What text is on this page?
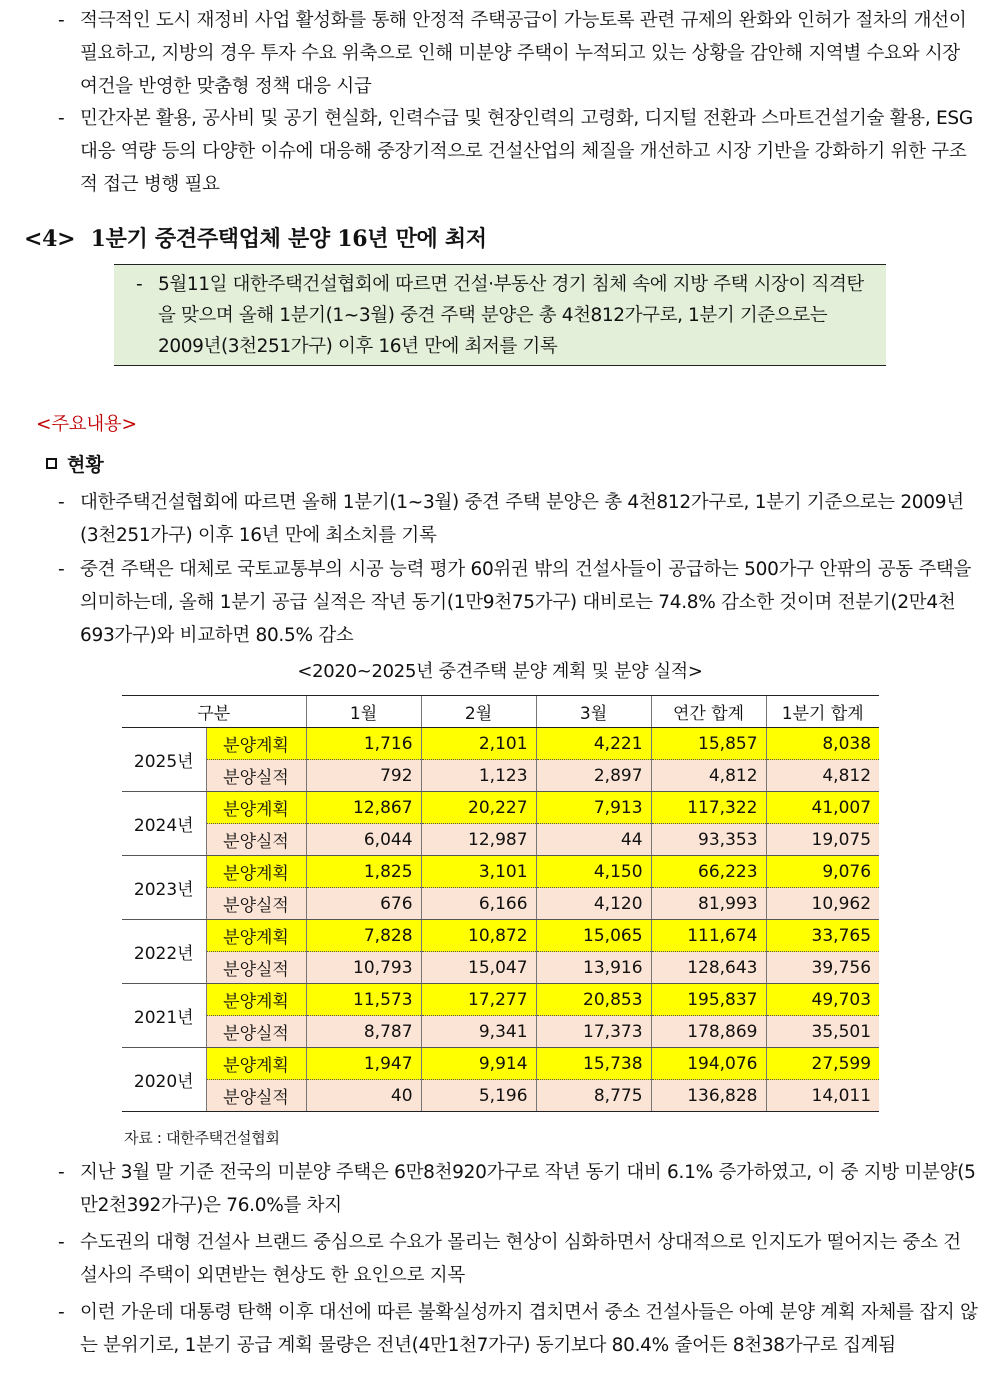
- 적극적인 도시 재정비 사업 활성화를 통해 안정적 주택공급이 가능토록 관련 규제의 완화와 인허가 절차의 개선이 필요하고, 지방의 경우 투자 수요 위축으로 인해 미분양 주택이 누적되고 있는 상황을 감안해 지역별 수요와 시장 여건을 반영한 맞춤형 정책 대응 시급
- 민간자본 활용, 공사비 및 공기 현실화, 인력수급 및 현장인력의 고령화, 디지털 전환과 스마트건설기술 활용, ESG 대응 역량 등의 다양한 이슈에 대응해 중장기적으로 건설산업의 체질을 개선하고 시장 기반을 강화하기 위한 구조적 접근 병행 필요
<4> 1분기 중견주택업체 분양 16년 만에 최저
- 5월11일 대한주택건설협회에 따르면 건설·부동산 경기 침체 속에 지방 주택 시장이 직격탄을 맞으며 올해 1분기(1~3월) 중견 주택 분양은 총 4천812가구로, 1분기 기준으로는 2009년(3천251가구) 이후 16년 만에 최저를 기록
<주요내용>
현황
- 대한주택건설협회에 따르면 올해 1분기(1~3월) 중견 주택 분양은 총 4천812가구로, 1분기 기준으로는 2009년(3천251가구) 이후 16년 만에 최소치를 기록
- 중견 주택은 대체로 국토교통부의 시공 능력 평가 60위권 밖의 건설사들이 공급하는 500가구 안팎의 공동 주택을 의미하는데, 올해 1분기 공급 실적은 작년 동기(1만9천75가구) 대비로는 74.8% 감소한 것이며 전분기(2만4천693가구)와 비교하면 80.5% 감소
<2020~2025년 중견주택 분양 계획 및 분양 실적>
구분		1월	2월	3월	연간 합계	1분기 합계
2025년	분양계획	1,716	2,101	4,221	15,857	8,038
	분양실적	792	1,123	2,897	4,812	4,812
2024년	분양계획	12,867	20,227	7,913	117,322	41,007
	분양실적	6,044	12,987	44	93,353	19,075
2023년	분양계획	1,825	3,101	4,150	66,223	9,076
	분양실적	676	6,166	4,120	81,993	10,962
2022년	분양계획	7,828	10,872	15,065	111,674	33,765
	분양실적	10,793	15,047	13,916	128,643	39,756
2021년	분양계획	11,573	17,277	20,853	195,837	49,703
	분양실적	8,787	9,341	17,373	178,869	35,501
2020년	분양계획	1,947	9,914	15,738	194,076	27,599
	분양실적	40	5,196	8,775	136,828	14,011
자료 : 대한주택건설협회
- 지난 3월 말 기준 전국의 미분양 주택은 6만8천920가구로 작년 동기 대비 6.1% 증가하였고, 이 중 지방 미분양(5만2천392가구)은 76.0%를 차지
- 수도권의 대형 건설사 브랜드 중심으로 수요가 몰리는 현상이 심화하면서 상대적으로 인지도가 떨어지는 중소 건설사의 주택이 외면받는 현상도 한 요인으로 지목
- 이런 가운데 대통령 탄핵 이후 대선에 따른 불확실성까지 겹치면서 중소 건설사들은 아예 분양 계획 자체를 잡지 않는 분위기로, 1분기 공급 계획 물량은 전년(4만1천7가구) 동기보다 80.4% 줄어든 8천38가구로 집계됨
